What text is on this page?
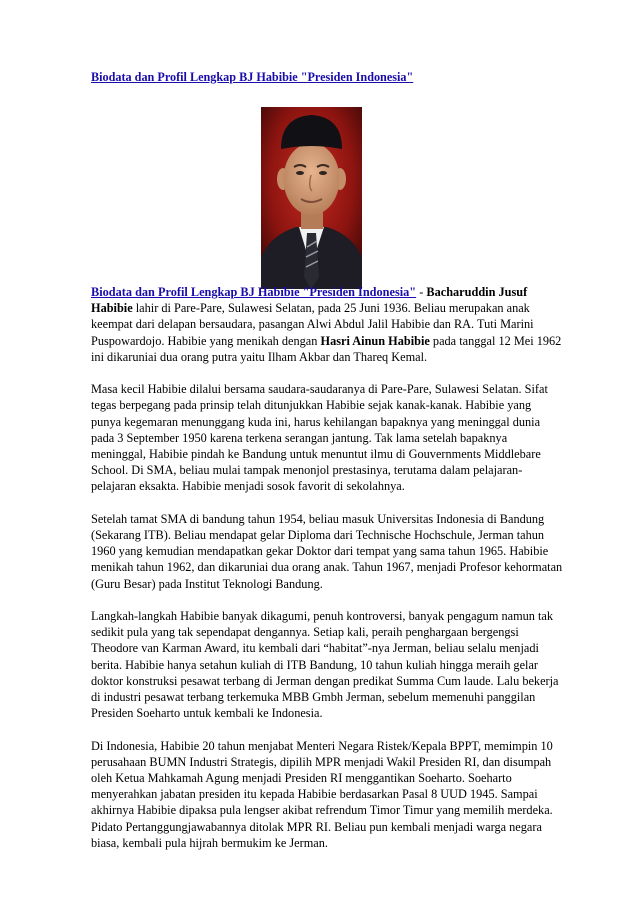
Biodata dan Profil Lengkap BJ Habibie "Presiden Indonesia"

Biodata dan Profil Lengkap BJ Habibie "Presiden Indonesia" - Bacharuddin Jusuf Habibie lahir di Pare-Pare, Sulawesi Selatan, pada 25 Juni 1936. Beliau merupakan anak keempat dari delapan bersaudara, pasangan Alwi Abdul Jalil Habibie dan RA. Tuti Marini Puspowardojo. Habibie yang menikah dengan Hasri Ainun Habibie pada tanggal 12 Mei 1962 ini dikaruniai dua orang putra yaitu Ilham Akbar dan Thareq Kemal.

Masa kecil Habibie dilalui bersama saudara-saudaranya di Pare-Pare, Sulawesi Selatan. Sifat tegas berpegang pada prinsip telah ditunjukkan Habibie sejak kanak-kanak. Habibie yang punya kegemaran menunggang kuda ini, harus kehilangan bapaknya yang meninggal dunia pada 3 September 1950 karena terkena serangan jantung. Tak lama setelah bapaknya meninggal, Habibie pindah ke Bandung untuk menuntut ilmu di Gouvernments Middlebare School. Di SMA, beliau mulai tampak menonjol prestasinya, terutama dalam pelajaran-pelajaran eksakta. Habibie menjadi sosok favorit di sekolahnya.

Setelah tamat SMA di bandung tahun 1954, beliau masuk Universitas Indonesia di Bandung (Sekarang ITB). Beliau mendapat gelar Diploma dari Technische Hochschule, Jerman tahun 1960 yang kemudian mendapatkan gekar Doktor dari tempat yang sama tahun 1965. Habibie menikah tahun 1962, dan dikaruniai dua orang anak. Tahun 1967, menjadi Profesor kehormatan (Guru Besar) pada Institut Teknologi Bandung.

Langkah-langkah Habibie banyak dikagumi, penuh kontroversi, banyak pengagum namun tak sedikit pula yang tak sependapat dengannya. Setiap kali, peraih penghargaan bergengsi Theodore van Karman Award, itu kembali dari “habitat”-nya Jerman, beliau selalu menjadi berita. Habibie hanya setahun kuliah di ITB Bandung, 10 tahun kuliah hingga meraih gelar doktor konstruksi pesawat terbang di Jerman dengan predikat Summa Cum laude. Lalu bekerja di industri pesawat terbang terkemuka MBB Gmbh Jerman, sebelum memenuhi panggilan Presiden Soeharto untuk kembali ke Indonesia.

Di Indonesia, Habibie 20 tahun menjabat Menteri Negara Ristek/Kepala BPPT, memimpin 10 perusahaan BUMN Industri Strategis, dipilih MPR menjadi Wakil Presiden RI, dan disumpah oleh Ketua Mahkamah Agung menjadi Presiden RI menggantikan Soeharto. Soeharto menyerahkan jabatan presiden itu kepada Habibie berdasarkan Pasal 8 UUD 1945. Sampai akhirnya Habibie dipaksa pula lengser akibat refrendum Timor Timur yang memilih merdeka. Pidato Pertanggungjawabannya ditolak MPR RI. Beliau pun kembali menjadi warga negara biasa, kembali pula hijrah bermukim ke Jerman.
